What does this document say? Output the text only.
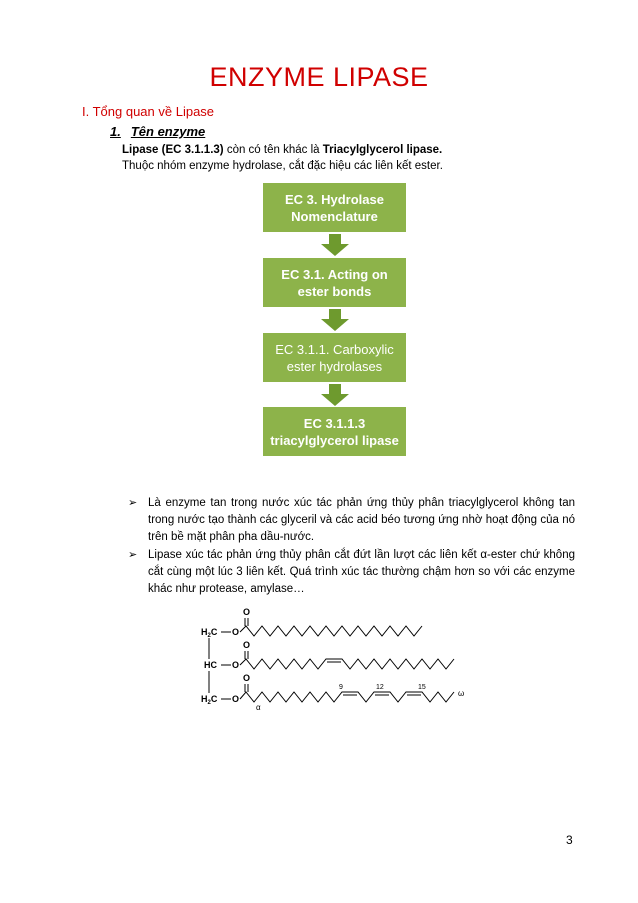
ENZYME LIPASE
I. Tổng quan về Lipase
1. Tên enzyme
Lipase (EC 3.1.1.3) còn có tên khác là Triacylglycerol lipase.
Thuộc nhóm enzyme hydrolase, cắt đặc hiệu các liên kết ester.
EC 3. Hydrolase
Nomenclature
EC 3.1. Acting on
ester bonds
EC 3.1.1. Carboxylic
ester hydrolases
EC 3.1.1.3
triacylglycerol lipase
➢ Là enzyme tan trong nước xúc tác phản ứng thủy phân triacylglycerol không tan trong nước tạo thành các glyceril và các acid béo tương ứng nhờ hoạt động của nó trên bề mặt phân pha dầu-nước.
➢ Lipase xúc tác phản ứng thủy phân cắt đứt lần lượt các liên kết α-ester chứ không cắt cùng một lúc 3 liên kết. Quá trình xúc tác thường chậm hơn so với các enzyme khác như protease, amylase…
$H_2C$
HC
$H_2C$
O
O
O
O
O
O
9	12	15
α
ω
3
